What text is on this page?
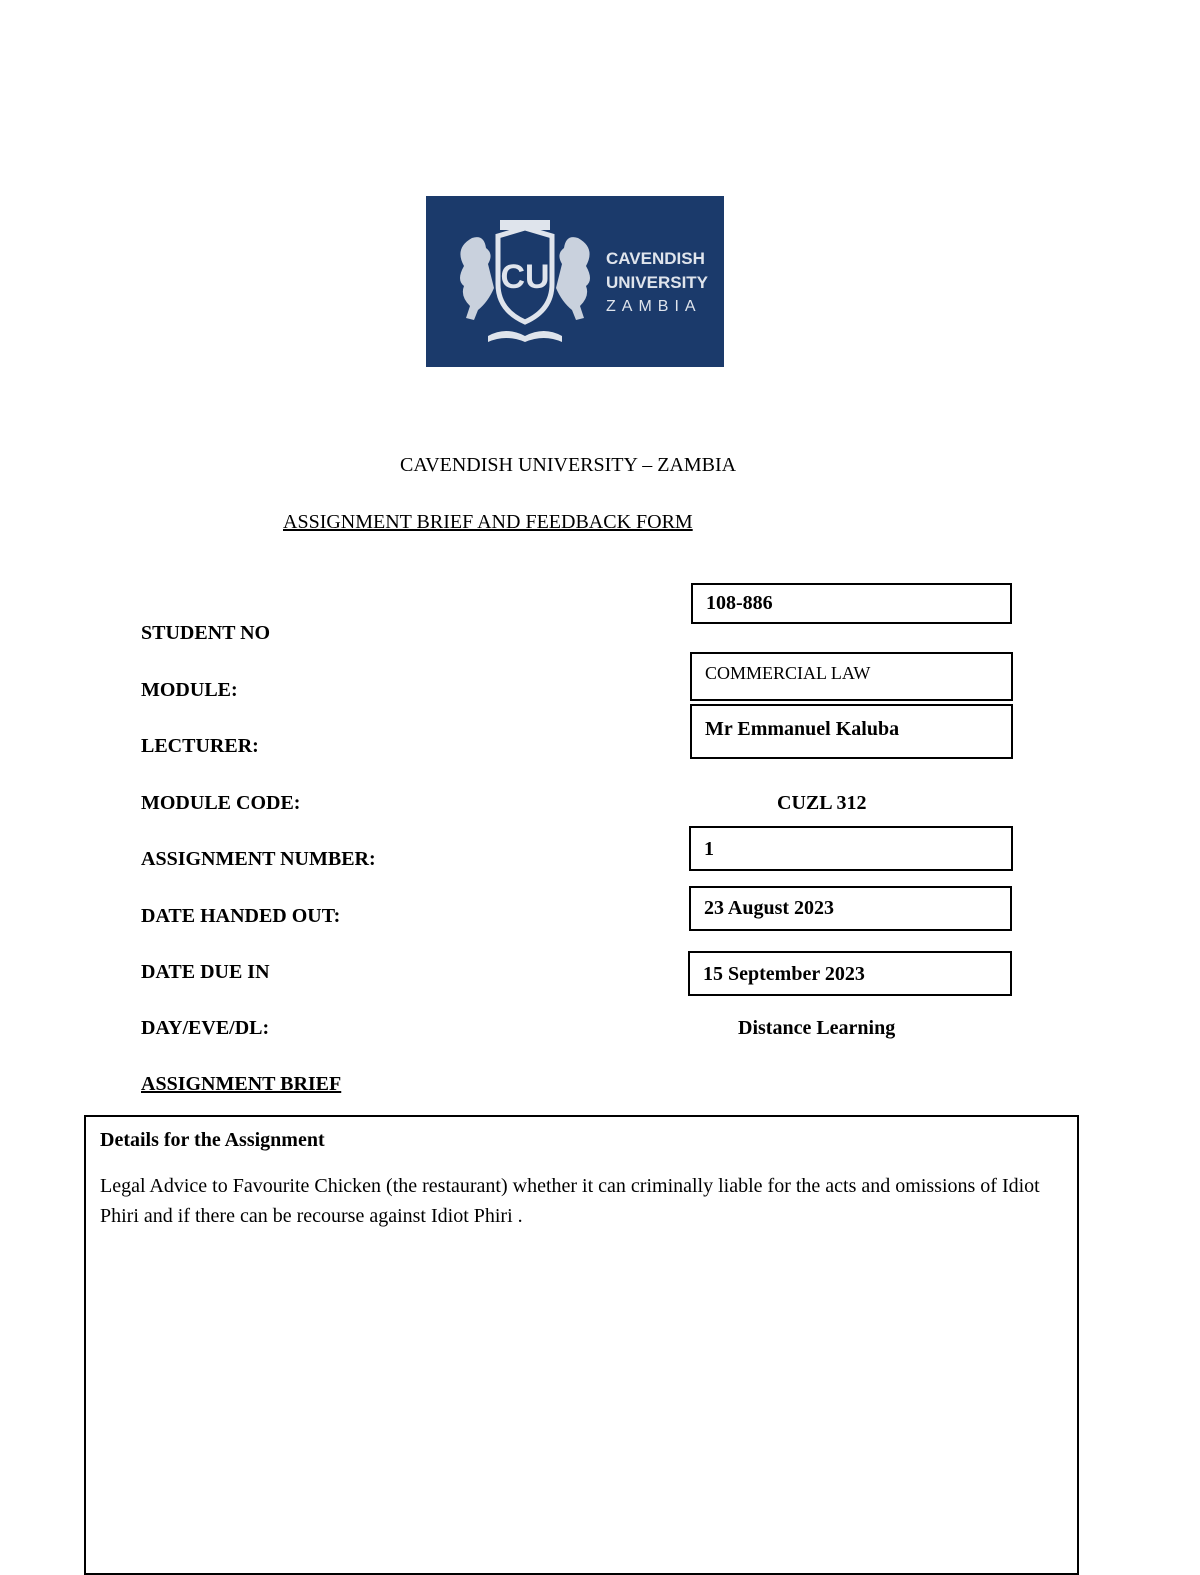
CU	CAVENDISH
UNIVERSITY
ZAMBIA
CAVENDISH UNIVERSITY – ZAMBIA
ASSIGNMENT BRIEF AND FEEDBACK FORM
STUDENT NO
MODULE:
LECTURER:
MODULE CODE:
ASSIGNMENT NUMBER:
DATE HANDED OUT:
DATE DUE IN
DAY/EVE/DL:
ASSIGNMENT BRIEF
108-886
COMMERCIAL LAW
Mr Emmanuel Kaluba
CUZL 312
1
23 August 2023
15 September 2023
Distance Learning
Details for the Assignment
Legal Advice to Favourite Chicken (the restaurant) whether it can criminally liable for the acts and omissions of Idiot Phiri and if there can be recourse against Idiot Phiri .
